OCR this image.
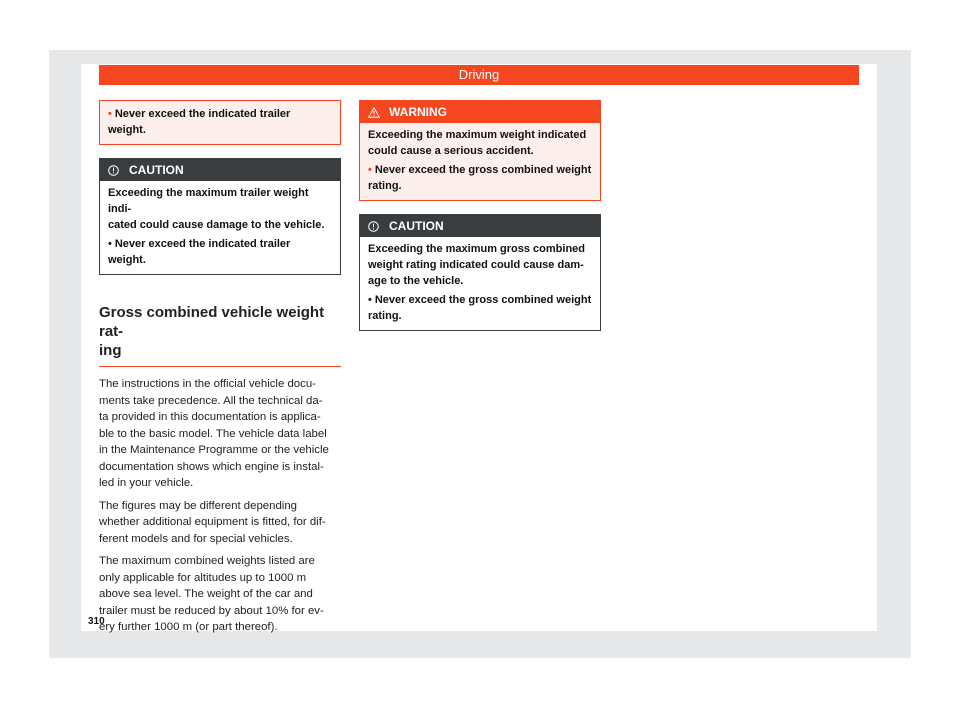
Driving
• Never exceed the indicated trailer
weight.
CAUTION
Exceeding the maximum trailer weight indi-
cated could cause damage to the vehicle.
• Never exceed the indicated trailer
weight.
Gross combined vehicle weight rat-
ing

The instructions in the official vehicle docu-
ments take precedence. All the technical da-
ta provided in this documentation is applica-
ble to the basic model. The vehicle data label
in the Maintenance Programme or the vehicle
documentation shows which engine is instal-
led in your vehicle.

The figures may be different depending
whether additional equipment is fitted, for dif-
ferent models and for special vehicles.

The maximum combined weights listed are
only applicable for altitudes up to 1000 m
above sea level. The weight of the car and
trailer must be reduced by about 10% for ev-
ery further 1000 m (or part thereof).

WARNING
Exceeding the maximum weight indicated
could cause a serious accident.
• Never exceed the gross combined weight
rating.
CAUTION
Exceeding the maximum gross combined
weight rating indicated could cause dam-
age to the vehicle.
• Never exceed the gross combined weight
rating.
310
